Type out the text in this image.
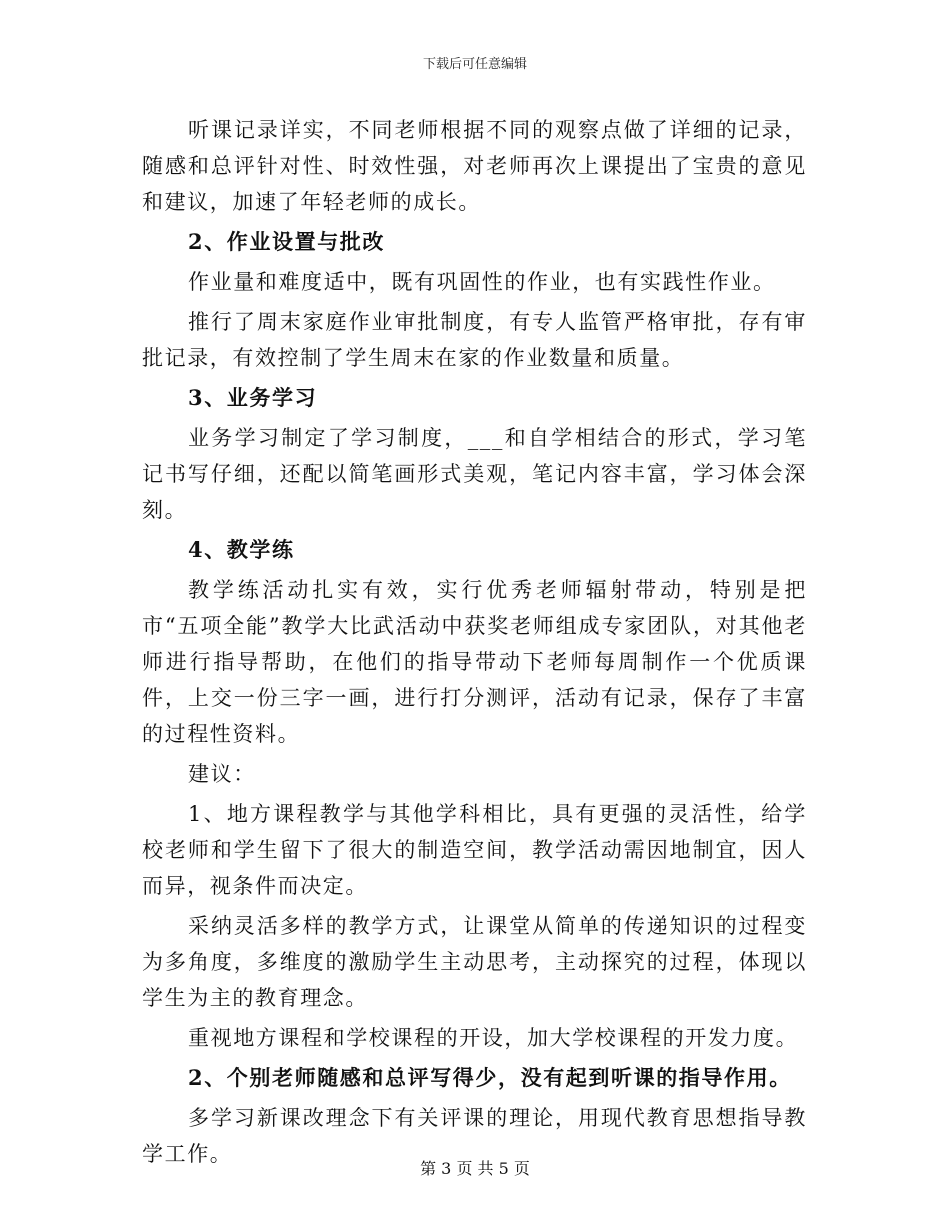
下载后可任意编辑

听课记录详实，不同老师根据不同的观察点做了详细的记录，随感和总评针对性、时效性强，对老师再次上课提出了宝贵的意见和建议，加速了年轻老师的成长。

2、作业设置与批改

作业量和难度适中，既有巩固性的作业，也有实践性作业。

推行了周末家庭作业审批制度，有专人监管严格审批，存有审批记录，有效控制了学生周末在家的作业数量和质量。

3、业务学习

业务学习制定了学习制度，___和自学相结合的形式，学习笔记书写仔细，还配以简笔画形式美观，笔记内容丰富，学习体会深刻。

4、教学练

教学练活动扎实有效，实行优秀老师辐射带动，特别是把市“五项全能”教学大比武活动中获奖老师组成专家团队，对其他老师进行指导帮助，在他们的指导带动下老师每周制作一个优质课件，上交一份三字一画，进行打分测评，活动有记录，保存了丰富的过程性资料。

建议：

1、地方课程教学与其他学科相比，具有更强的灵活性，给学校老师和学生留下了很大的制造空间，教学活动需因地制宜，因人而异，视条件而决定。

采纳灵活多样的教学方式，让课堂从简单的传递知识的过程变为多角度，多维度的激励学生主动思考，主动探究的过程，体现以学生为主的教育理念。

重视地方课程和学校课程的开设，加大学校课程的开发力度。

2、个别老师随感和总评写得少，没有起到听课的指导作用。

多学习新课改理念下有关评课的理论，用现代教育思想指导教学工作。

第 3 页 共 5 页
